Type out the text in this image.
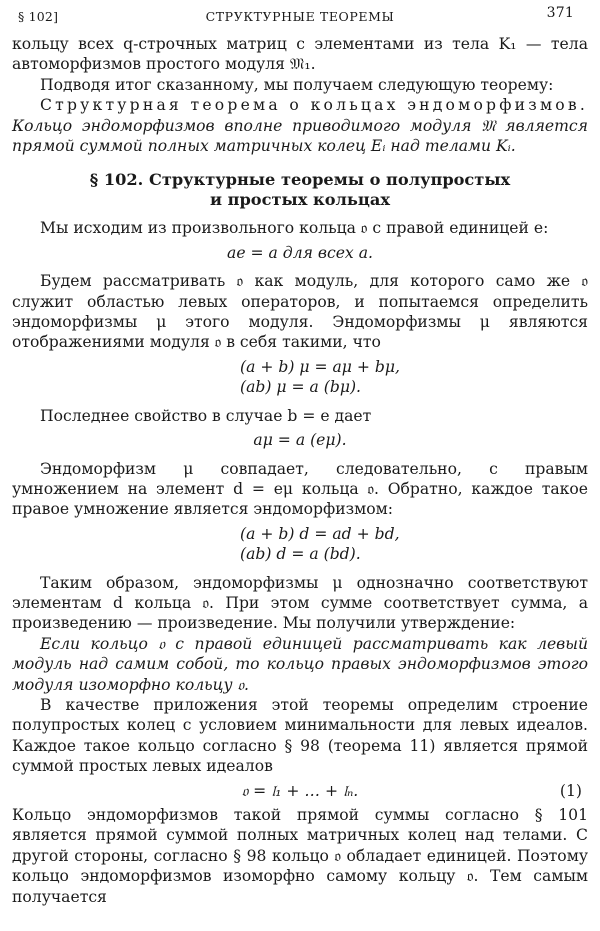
§ 102]	СТРУКТУРНЫЕ ТЕОРЕМЫ	371

кольцу всех q-строчных матриц с элементами из тела K₁ — тела автоморфизмов простого модуля 𝔐₁.

Подводя итог сказанному, мы получаем следующую теорему:

Структурная теорема о кольцах эндоморфизмов. Кольцо эндоморфизмов вполне приводимого модуля 𝔐 является прямой суммой полных матричных колец Eᵢ над телами Kᵢ.

§ 102. Структурные теоремы о полупростых

и простых кольцах

Мы исходим из произвольного кольца 𝔬 с правой единицей e:

ae = a для всех a.

Будем рассматривать 𝔬 как модуль, для которого само же 𝔬 служит областью левых операторов, и попытаемся определить эндоморфизмы μ этого модуля. Эндоморфизмы μ являются отображениями модуля 𝔬 в себя такими, что

(a + b) μ = aμ + bμ,

(ab) μ = a (bμ).

Последнее свойство в случае b = e дает

aμ = a (eμ).

Эндоморфизм μ совпадает, следовательно, с правым умножением на элемент d = eμ кольца 𝔬. Обратно, каждое такое правое умножение является эндоморфизмом:

(a + b) d = ad + bd,

(ab) d = a (bd).

Таким образом, эндоморфизмы μ однозначно соответствуют элементам d кольца 𝔬. При этом сумме соответствует сумма, а произведению — произведение. Мы получили утверждение:

Если кольцо 𝔬 с правой единицей рассматривать как левый модуль над самим собой, то кольцо правых эндоморфизмов этого модуля изоморфно кольцу 𝔬.

В качестве приложения этой теоремы определим строение полупростых колец с условием минимальности для левых идеалов. Каждое такое кольцо согласно § 98 (теорема 11) является прямой суммой простых левых идеалов

𝔬 = 𝔩₁ + … + 𝔩ₙ.	(1)

Кольцо эндоморфизмов такой прямой суммы согласно § 101 является прямой суммой полных матричных колец над телами. С другой стороны, согласно § 98 кольцо 𝔬 обладает единицей. Поэтому кольцо эндоморфизмов изоморфно самому кольцу 𝔬. Тем самым получается
